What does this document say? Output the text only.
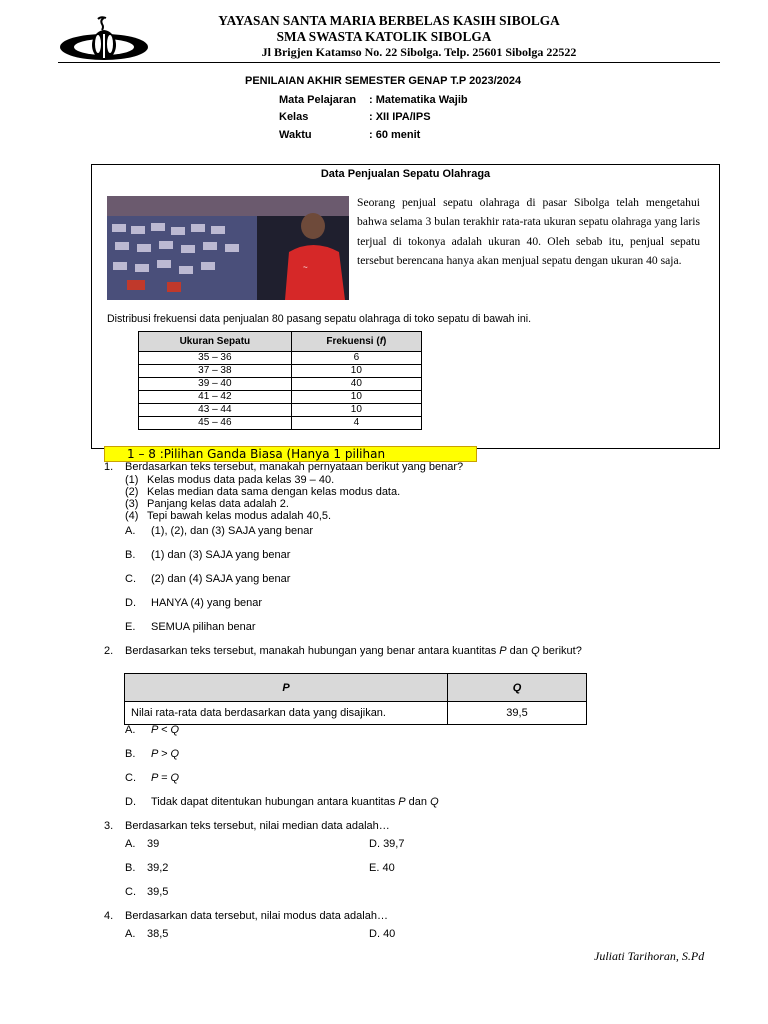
YAYASAN SANTA MARIA BERBELAS KASIH SIBOLGA
SMA SWASTA KATOLIK SIBOLGA
Jl Brigjen Katamso No. 22 Sibolga. Telp. 25601 Sibolga 22522
PENILAIAN AKHIR SEMESTER GENAP T.P 2023/2024
Mata Pelajaran : Matematika Wajib
Kelas	: XII IPA/IPS
Waktu	: 60 menit
Data Penjualan Sepatu Olahraga
~
Seorang penjual sepatu olahraga di pasar Sibolga telah mengetahui bahwa selama 3 bulan terakhir rata-rata ukuran sepatu olahraga yang laris terjual di tokonya adalah ukuran 40. Oleh sebab itu, penjual sepatu tersebut berencana hanya akan menjual sepatu dengan ukuran 40 saja.
Distribusi frekuensi data penjualan 80 pasang sepatu olahraga di toko sepatu di bawah ini.
Ukuran Sepatu	Frekuensi (f)
35 – 36	6
37 – 38	10
39 – 40	40
41 – 42	10
43 – 44	10
45 – 46	4
1 – 8 :Pilihan Ganda Biasa (Hanya 1 pilihan
1. Berdasarkan teks tersebut, manakah pernyataan berikut yang benar?
(1) Kelas modus data pada kelas 39 – 40.
(2) Kelas median data sama dengan kelas modus data.
(3) Panjang kelas data adalah 2.
(4) Tepi bawah kelas modus adalah 40,5.
A. (1), (2), dan (3) SAJA yang benar
B. (1) dan (3) SAJA yang benar
C. (2) dan (4) SAJA yang benar
D. HANYA (4) yang benar
E. SEMUA pilihan benar
2. Berdasarkan teks tersebut, manakah hubungan yang benar antara kuantitas P dan Q berikut?
P	Q
Nilai rata-rata data berdasarkan data yang disajikan.	39,5
A. P < Q
B. P > Q
C. P = Q
D. Tidak dapat ditentukan hubungan antara kuantitas P dan Q
3. Berdasarkan teks tersebut, nilai median data adalah…
A. 39
B. 39,2
C. 39,5
D. 39,7
E. 40
4. Berdasarkan data tersebut, nilai modus data adalah…
A. 38,5	D. 40
Juliati Tarihoran, S.Pd
